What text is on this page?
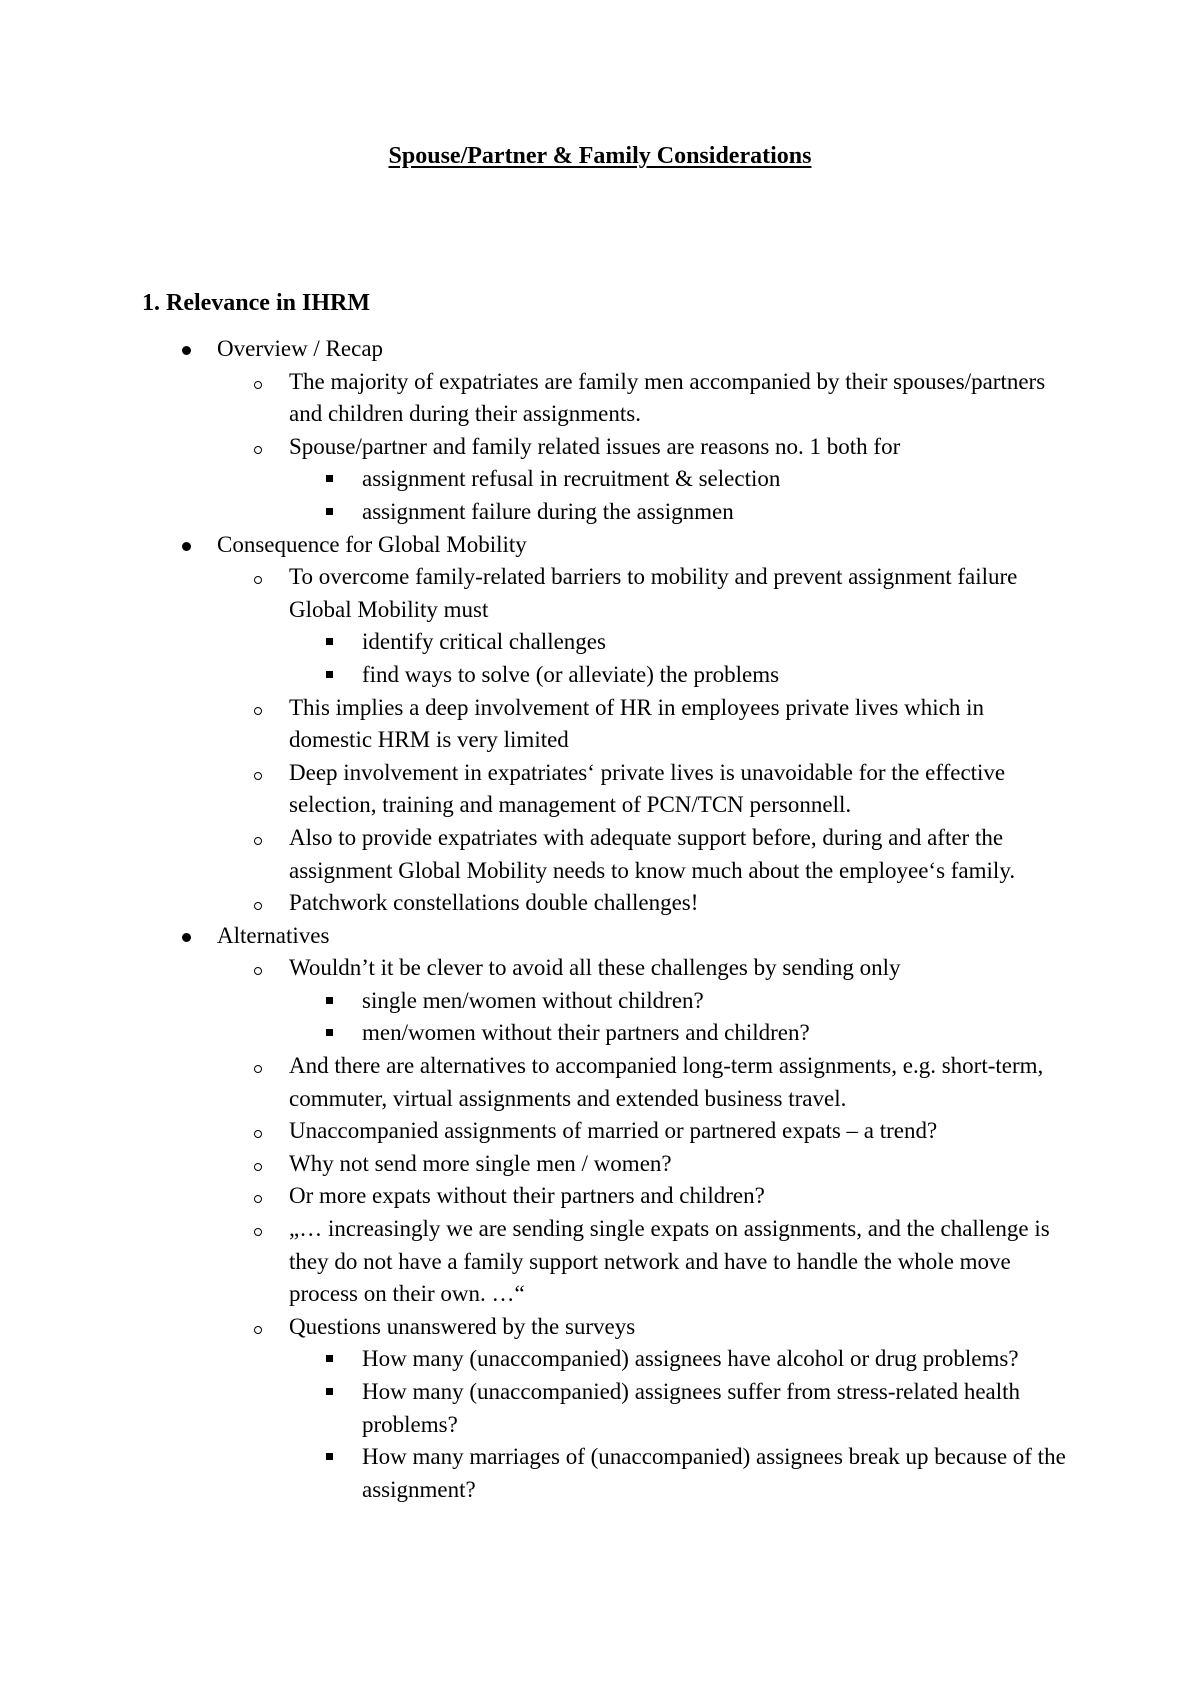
Spouse/Partner & Family Considerations
1. Relevance in IHRM
Overview / Recap
The majority of expatriates are family men accompanied by their spouses/partners and children during their assignments.
Spouse/partner and family related issues are reasons no. 1 both for
assignment refusal in recruitment & selection
assignment failure during the assignmen
Consequence for Global Mobility
To overcome family-related barriers to mobility and prevent assignment failure Global Mobility must
identify critical challenges
find ways to solve (or alleviate) the problems
This implies a deep involvement of HR in employees private lives which in domestic HRM is very limited
Deep involvement in expatriates‘ private lives is unavoidable for the effective selection, training and management of PCN/TCN personnell.
Also to provide expatriates with adequate support before, during and after the assignment Global Mobility needs to know much about the employee‘s family.
Patchwork constellations double challenges!
Alternatives
Wouldn’t it be clever to avoid all these challenges by sending only
single men/women without children?
men/women without their partners and children?
And there are alternatives to accompanied long-term assignments, e.g. short-term, commuter, virtual assignments and extended business travel.
Unaccompanied assignments of married or partnered expats – a trend?
Why not send more single men / women?
Or more expats without their partners and children?
„… increasingly we are sending single expats on assignments, and the challenge is they do not have a family support network and have to handle the whole move process on their own. …“
Questions unanswered by the surveys
How many (unaccompanied) assignees have alcohol or drug problems?
How many (unaccompanied) assignees suffer from stress-related health problems?
How many marriages of (unaccompanied) assignees break up because of the assignment?
